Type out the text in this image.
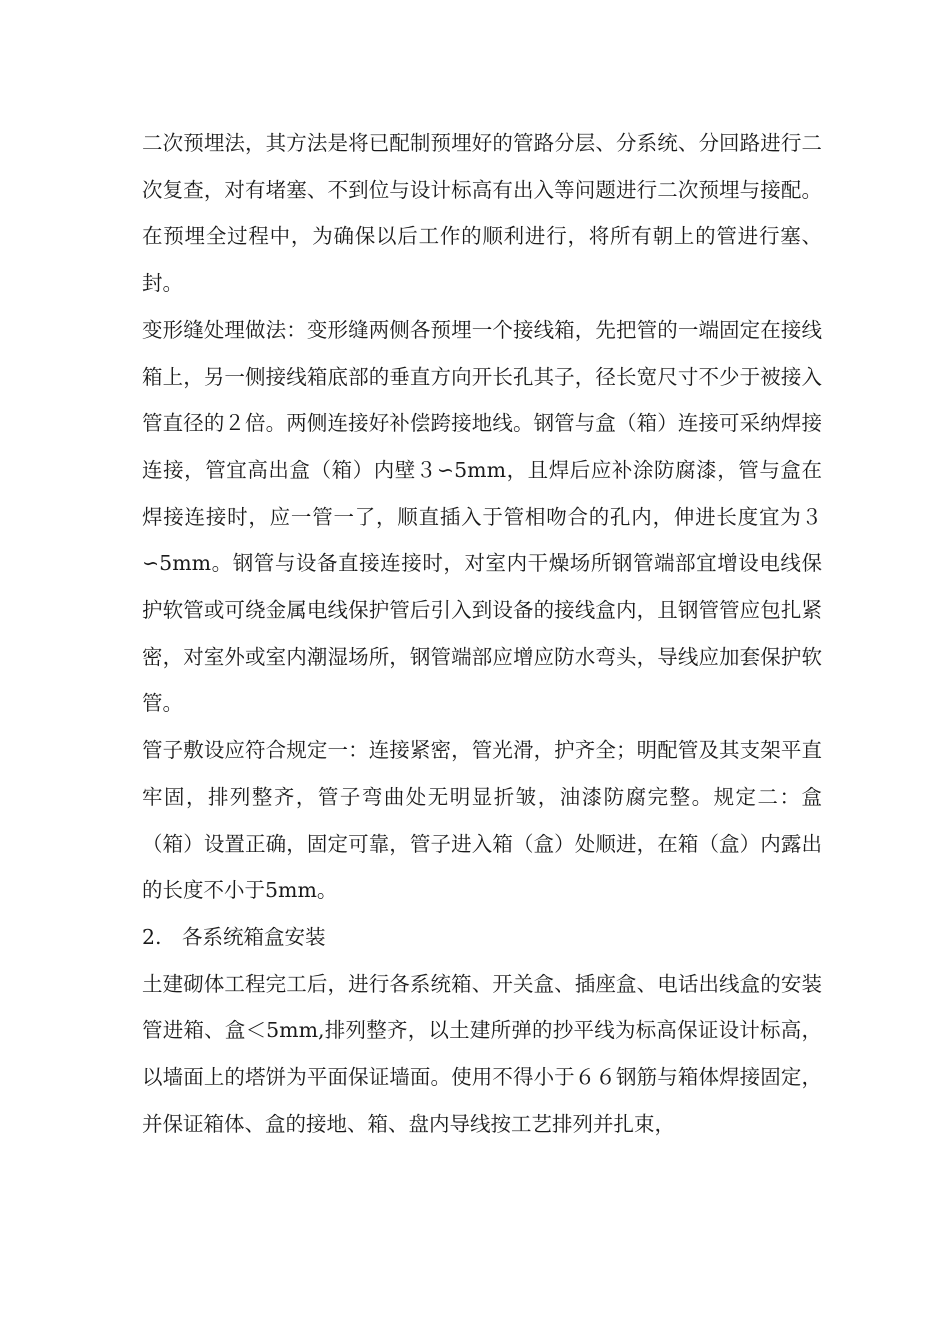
二次预埋法，其方法是将已配制预埋好的管路分层、分系统、分回路进行二次复查，对有堵塞、不到位与设计标高有出入等问题进行二次预埋与接配。在预埋全过程中，为确保以后工作的顺利进行，将所有朝上的管进行塞、封。

变形缝处理做法：变形缝两侧各预埋一个接线箱，先把管的一端固定在接线箱上，另一侧接线箱底部的垂直方向开长孔其子，径长宽尺寸不少于被接入管直径的２倍。两侧连接好补偿跨接地线。钢管与盒（箱）连接可采纳焊接连接，管宜高出盒（箱）内壁３∽5mm，且焊后应补涂防腐漆，管与盒在焊接连接时，应一管一了，顺直插入于管相吻合的孔内，伸进长度宜为３∽5mm。钢管与设备直接连接时，对室内干燥场所钢管端部宜增设电线保护软管或可绕金属电线保护管后引入到设备的接线盒内，且钢管管应包扎紧密，对室外或室内潮湿场所，钢管端部应增应防水弯头，导线应加套保护软管。

管子敷设应符合规定一：连接紧密，管光滑，护齐全；明配管及其支架平直牢固，排列整齐，管子弯曲处无明显折皱，油漆防腐完整。规定二：盒（箱）设置正确，固定可靠，管子进入箱（盒）处顺进，在箱（盒）内露出的长度不小于5mm。

2.　各系统箱盒安装

土建砌体工程完工后，进行各系统箱、开关盒、插座盒、电话出线盒的安装管进箱、盒＜5mm,排列整齐，以土建所弹的抄平线为标高保证设计标高，以墙面上的塔饼为平面保证墙面。使用不得小于６６钢筋与箱体焊接固定，并保证箱体、盒的接地、箱、盘内导线按工艺排列并扎束，
